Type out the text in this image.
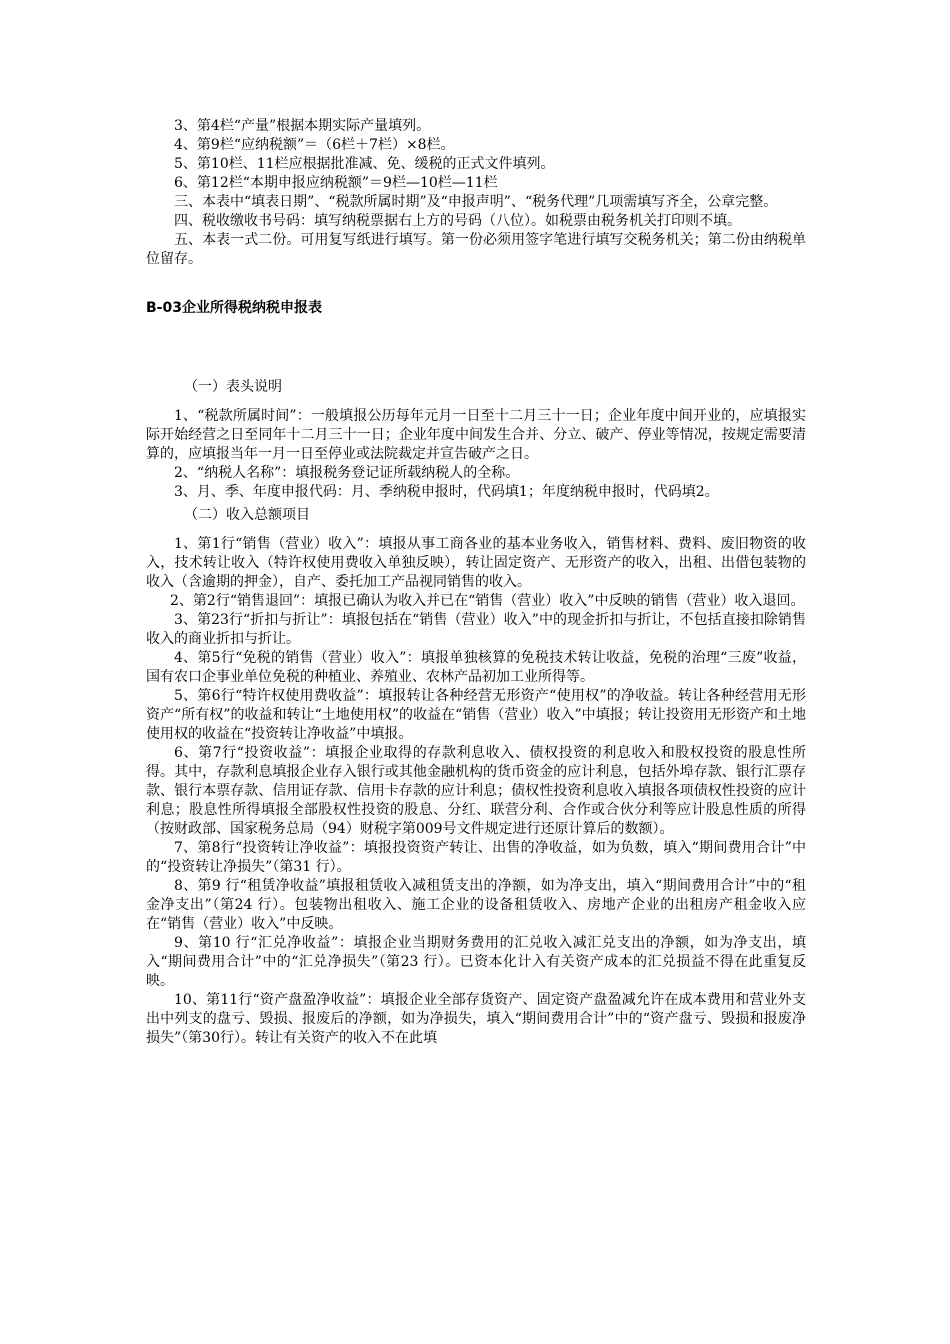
3、第4栏“产量”根据本期实际产量填列。

4、第9栏“应纳税额”＝（6栏＋7栏）×8栏。

5、第10栏、11栏应根据批准减、免、缓税的正式文件填列。

6、第12栏“本期申报应纳税额”＝9栏—10栏—11栏

三、本表中“填表日期”、“税款所属时期”及“申报声明”、“税务代理”几项需填写齐全，公章完整。

四、税收缴收书号码：填写纳税票据右上方的号码（八位）。如税票由税务机关打印则不填。

五、本表一式二份。可用复写纸进行填写。第一份必须用签字笔进行填写交税务机关；第二份由纳税单位留存。

B-03企业所得税纳税申报表

（一）表头说明

1、“税款所属时间”：一般填报公历每年元月一日至十二月三十一日；企业年度中间开业的，应填报实际开始经营之日至同年十二月三十一日；企业年度中间发生合并、分立、破产、停业等情况，按规定需要清算的，应填报当年一月一日至停业或法院裁定并宣告破产之日。

2、“纳税人名称”：填报税务登记证所载纳税人的全称。

3、月、季、年度申报代码：月、季纳税申报时，代码填1；年度纳税申报时，代码填2。

（二）收入总额项目

1、第1行“销售（营业）收入”：填报从事工商各业的基本业务收入，销售材料、费料、废旧物资的收入，技术转让收入（特许权使用费收入单独反映），转让固定资产、无形资产的收入，出租、出借包装物的收入（含逾期的押金），自产、委托加工产品视同销售的收入。

2、第2行“销售退回”：填报已确认为收入并已在“销售（营业）收入”中反映的销售（营业）收入退回。

3、第23行“折扣与折让”：填报包括在“销售（营业）收入”中的现金折扣与折让，不包括直接扣除销售收入的商业折扣与折让。

4、第5行“免税的销售（营业）收入”：填报单独核算的免税技术转让收益，免税的治理“三废”收益，国有农口企事业单位免税的种植业、养殖业、农林产品初加工业所得等。

5、第6行“特许权使用费收益”：填报转让各种经营无形资产“使用权”的净收益。转让各种经营用无形资产“所有权”的收益和转让“土地使用权”的收益在“销售（营业）收入”中填报；转让投资用无形资产和土地使用权的收益在“投资转让净收益”中填报。

6、第7行“投资收益”：填报企业取得的存款利息收入、债权投资的利息收入和股权投资的股息性所得。其中，存款利息填报企业存入银行或其他金融机构的货币资金的应计利息，包括外埠存款、银行汇票存款、银行本票存款、信用证存款、信用卡存款的应计利息；债权性投资利息收入填报各项债权性投资的应计利息；股息性所得填报全部股权性投资的股息、分红、联营分利、合作或合伙分利等应计股息性质的所得（按财政部、国家税务总局（94）财税字第009号文件规定进行还原计算后的数额）。

7、第8行“投资转让净收益”：填报投资资产转让、出售的净收益，如为负数，填入“期间费用合计”中的“投资转让净损失”（第31 行）。

8、第9 行“租赁净收益”填报租赁收入减租赁支出的净额，如为净支出，填入“期间费用合计”中的“租金净支出”（第24 行）。包装物出租收入、施工企业的设备租赁收入、房地产企业的出租房产租金收入应在“销售（营业）收入”中反映。

9、第10 行“汇兑净收益”：填报企业当期财务费用的汇兑收入减汇兑支出的净额，如为净支出，填入“期间费用合计”中的“汇兑净损失”（第23 行）。已资本化计入有关资产成本的汇兑损益不得在此重复反映。

10、第11行“资产盘盈净收益”：填报企业全部存货资产、固定资产盘盈减允许在成本费用和营业外支出中列支的盘亏、毁损、报废后的净额，如为净损失，填入“期间费用合计”中的“资产盘亏、毁损和报废净损失”（第30行）。转让有关资产的收入不在此填
